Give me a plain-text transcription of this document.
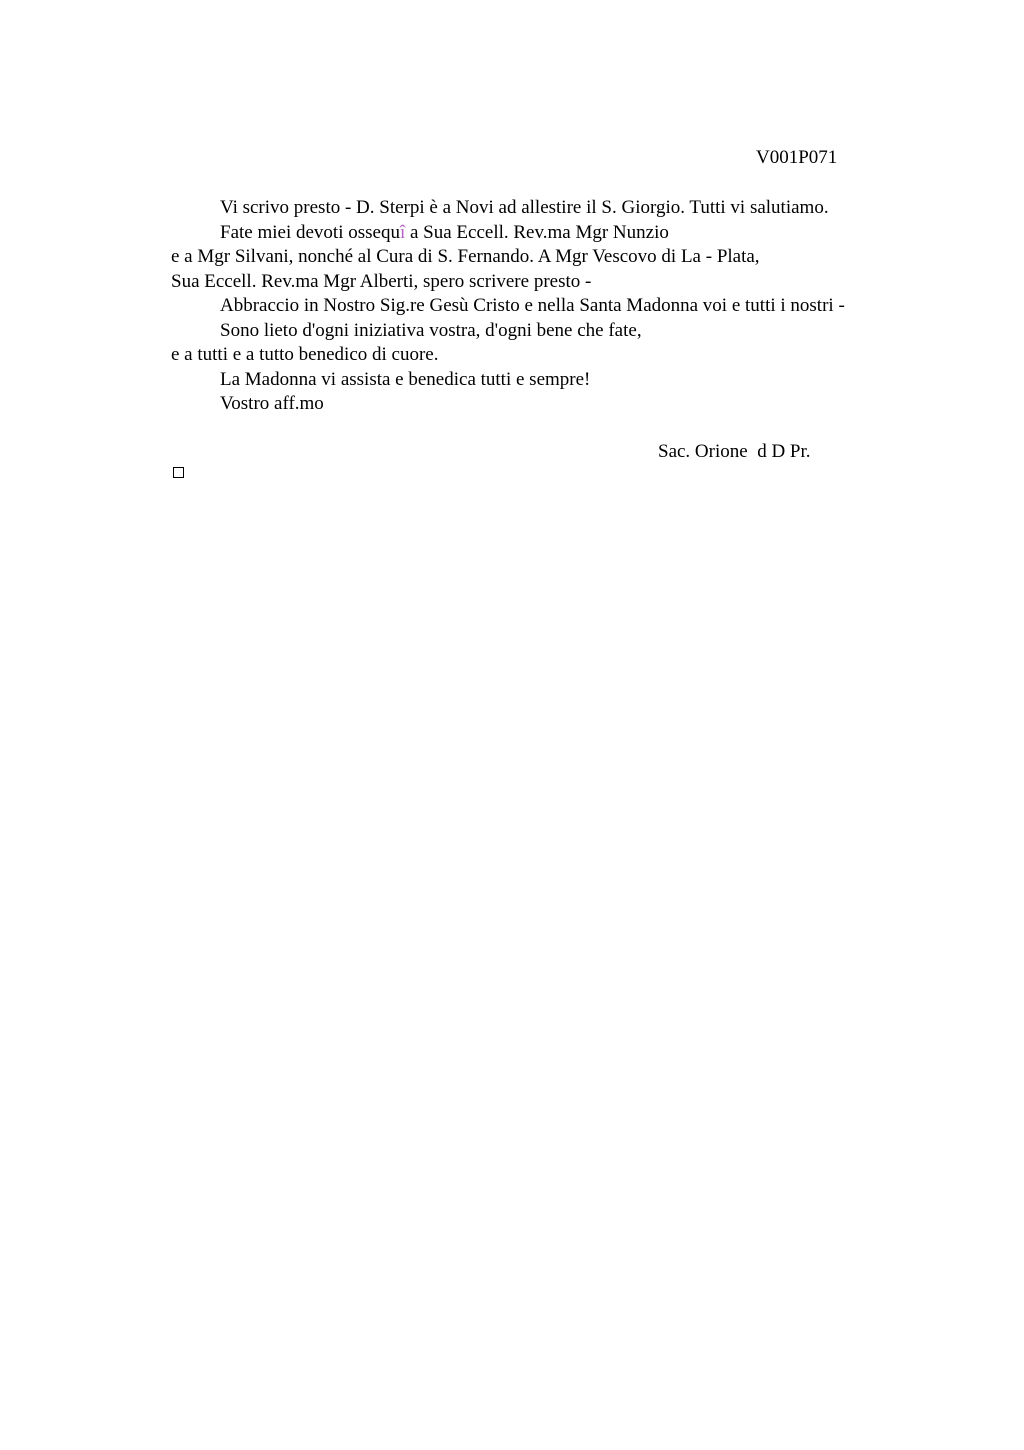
V001P071
Vi scrivo presto - D. Sterpi è a Novi ad allestire il S. Giorgio. Tutti vi salutiamo.
Fate miei devoti ossequî a Sua Eccell. Rev.ma Mgr Nunzio
e a Mgr Silvani, nonché al Cura di S. Fernando. A Mgr Vescovo di La - Plata,
Sua Eccell. Rev.ma Mgr Alberti, spero scrivere presto -
Abbraccio in Nostro Sig.re Gesù Cristo e nella Santa Madonna voi e tutti i nostri -
Sono lieto d'ogni iniziativa vostra, d'ogni bene che fate,
e a tutti e a tutto benedico di cuore.
La Madonna vi assista e benedica tutti e sempre!
Vostro aff.mo
Sac. Orione  d D Pr.
